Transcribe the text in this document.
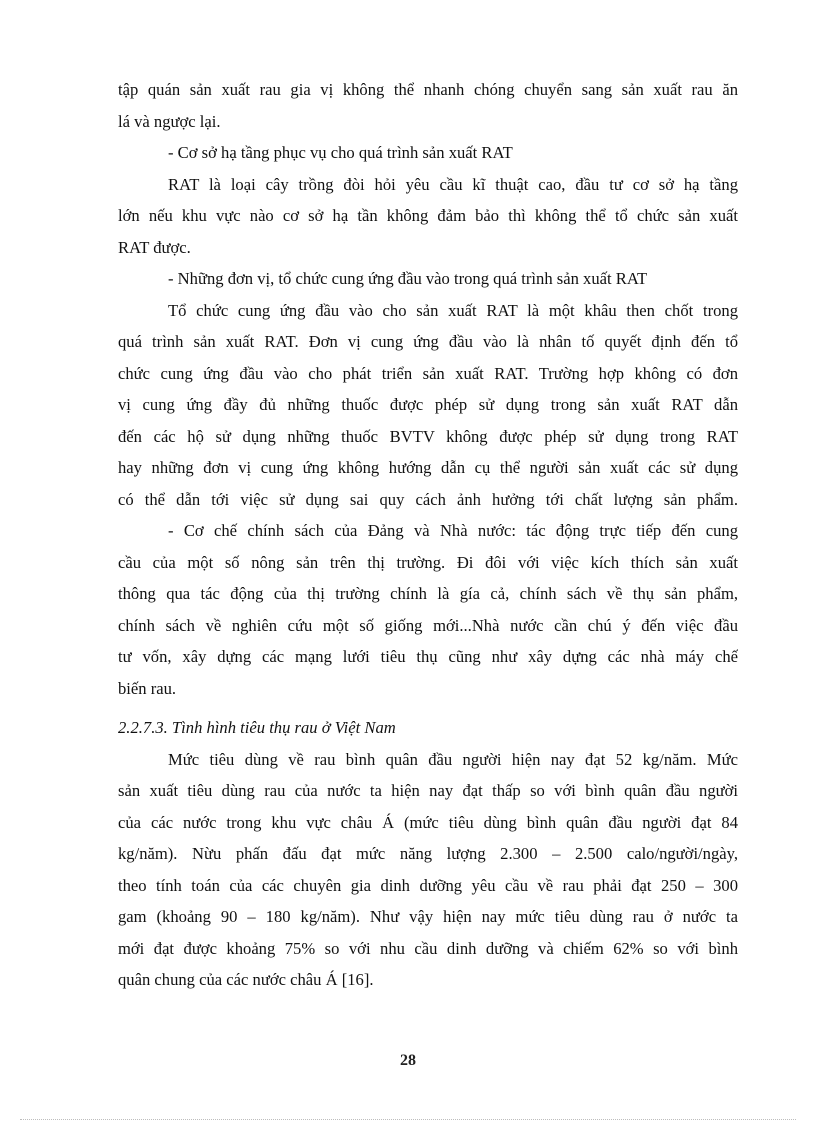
tập quán sản xuất rau gia vị không thể nhanh chóng chuyển sang sản xuất rau ăn
lá và ngược lại.
- Cơ sở hạ tầng phục vụ cho quá trình sản xuất RAT
RAT là loại cây trồng đòi hỏi yêu cầu kĩ thuật cao, đầu tư cơ sở hạ tầng
lớn nếu khu vực nào cơ sở hạ tần không đảm bảo thì không thể tổ chức sản xuất
RAT được.
- Những đơn vị, tổ chức cung ứng đầu vào trong quá trình sản xuất RAT
Tổ chức cung ứng đầu vào cho sản xuất RAT là một khâu then chốt trong
quá trình sản xuất RAT. Đơn vị cung ứng đầu vào là nhân tố quyết định đến tổ
chức cung ứng đầu vào cho phát triển sản xuất RAT. Trường hợp không có đơn
vị cung ứng đầy đủ những thuốc được phép sử dụng trong sản xuất RAT dẫn
đến các hộ sử dụng những thuốc BVTV không được phép sử dụng trong RAT
hay những đơn vị cung ứng không hướng dẫn cụ thể người sản xuất các sử dụng
có thể dẫn tới việc sử dụng sai quy cách ảnh hưởng tới chất lượng sản phẩm.
- Cơ chế chính sách của Đảng và Nhà nước: tác động trực tiếp đến cung
cầu của một số nông sản trên thị trường. Đi đôi với việc kích thích sản xuất
thông qua tác động của thị trường chính là gía cả, chính sách về thụ sản phẩm,
chính sách về nghiên cứu một số giống mới...Nhà nước cần chú ý đến việc đầu
tư vốn, xây dựng các mạng lưới tiêu thụ cũng như xây dựng các nhà máy chế
biến rau.
2.2.7.3. Tình hình tiêu thụ rau ở Việt Nam
Mức tiêu dùng về rau bình quân đầu người hiện nay đạt 52 kg/năm. Mức
sản xuất tiêu dùng rau của nước ta hiện nay đạt thấp so với bình quân đầu người
của các nước trong khu vực châu Á (mức tiêu dùng bình quân đầu người đạt 84
kg/năm). Nừu phấn đấu đạt mức năng lượng 2.300 – 2.500 calo/người/ngày,
theo tính toán của các chuyên gia dinh dưỡng yêu cầu về rau phải đạt 250 – 300
gam (khoảng 90 – 180 kg/năm). Như vậy hiện nay mức tiêu dùng rau ở nước ta
mới đạt được khoảng 75% so với nhu cầu dinh dưỡng và chiếm 62% so với bình
quân chung của các nước châu Á [16].
28
